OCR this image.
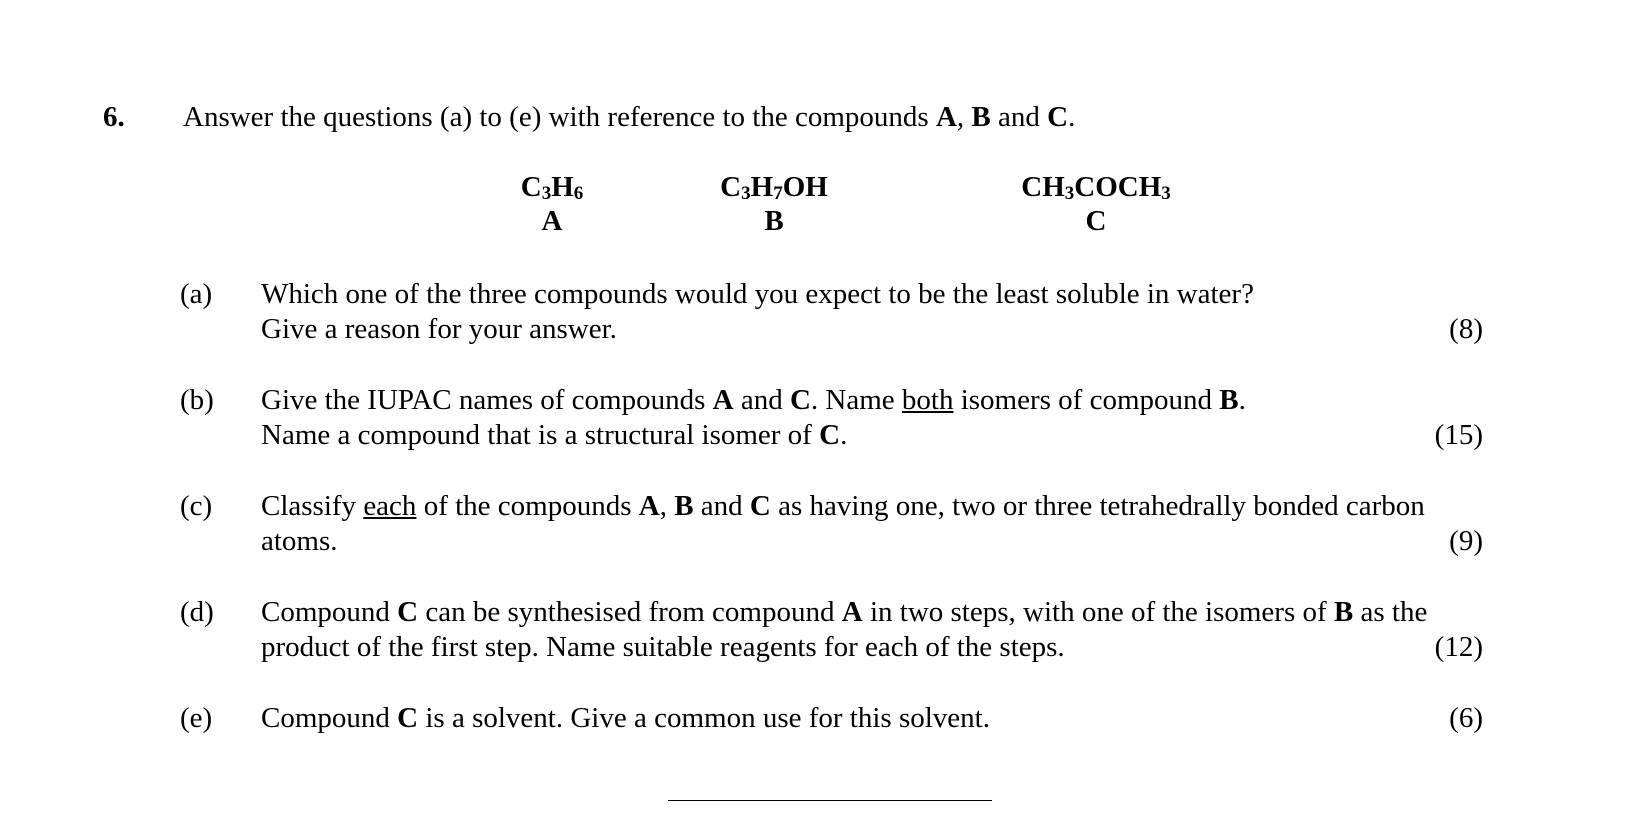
6. Answer the questions (a) to (e) with reference to the compounds A, B and C.
$C_3H_6$
A
$C_3H_7OH$
B
$CH_3COCH_3$
C
(a) Which one of the three compounds would you expect to be the least soluble in water?
Give a reason for your answer.	(8)
(b) Give the IUPAC names of compounds A and C. Name both isomers of compound B.
Name a compound that is a structural isomer of C.	(15)
(c) Classify each of the compounds A, B and C as having one, two or three tetrahedrally bonded carbon
atoms.	(9)
(d) Compound C can be synthesised from compound A in two steps, with one of the isomers of B as the
product of the first step. Name suitable reagents for each of the steps.	(12)
(e) Compound C is a solvent. Give a common use for this solvent.	(6)
